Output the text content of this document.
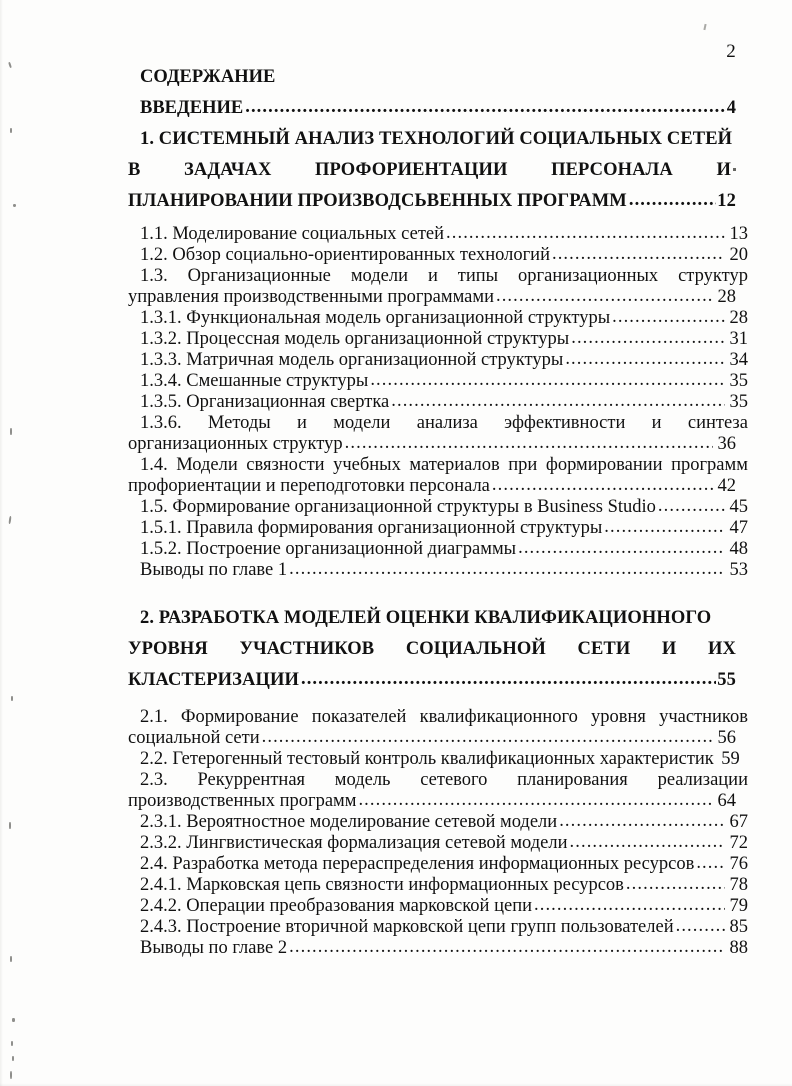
2
СОДЕРЖАНИЕ
ВВЕДЕНИЕ .....	4
1. СИСТЕМНЫЙ АНАЛИЗ ТЕХНОЛОГИЙ СОЦИАЛЬНЫХ СЕТЕЙ
В ЗАДАЧАХ ПРОФОРИЕНТАЦИИ ПЕРСОНАЛА И
ПЛАНИРОВАНИИ ПРОИЗВОДСЬВЕННЫХ ПРОГРАММ .....	12
1.1. Моделирование социальных сетей .....	13
1.2. Обзор социально-ориентированных технологий .....	20
1.3. Организационные модели и типы организационных структур
управления производственными программами .....	28
1.3.1. Функциональная модель организационной структуры .....	28
1.3.2. Процессная модель организационной структуры .....	31
1.3.3. Матричная модель организационной структуры .....	34
1.3.4. Смешанные структуры .....	35
1.3.5. Организационная свертка .....	35
1.3.6. Методы и модели анализа эффективности и синтеза
организационных структур .....	36
1.4. Модели связности учебных материалов при формировании программ
профориентации и переподготовки персонала .....	42
1.5. Формирование организационной структуры в Business Studio .....	45
1.5.1. Правила формирования организационной структуры .....	47
1.5.2. Построение организационной диаграммы .....	48
Выводы по главе 1 .....	53
2. РАЗРАБОТКА МОДЕЛЕЙ ОЦЕНКИ КВАЛИФИКАЦИОННОГО
УРОВНЯ УЧАСТНИКОВ СОЦИАЛЬНОЙ СЕТИ И ИХ
КЛАСТЕРИЗАЦИИ .....	55
2.1. Формирование показателей квалификационного уровня участников
социальной сети .....	56
2.2. Гетерогенный тестовый контроль квалификационных характеристик 59
2.3. Рекуррентная модель сетевого планирования реализации
производственных программ .....	64
2.3.1. Вероятностное моделирование сетевой модели .....	67
2.3.2. Лингвистическая формализация сетевой модели .....	72
2.4. Разработка метода перераспределения информационных ресурсов ..... 76
2.4.1. Марковская цепь связности информационных ресурсов .....	78
2.4.2. Операции преобразования марковской цепи .....	79
2.4.3. Построение вторичной марковской цепи групп пользователей .....	85
Выводы по главе 2 .....	88
